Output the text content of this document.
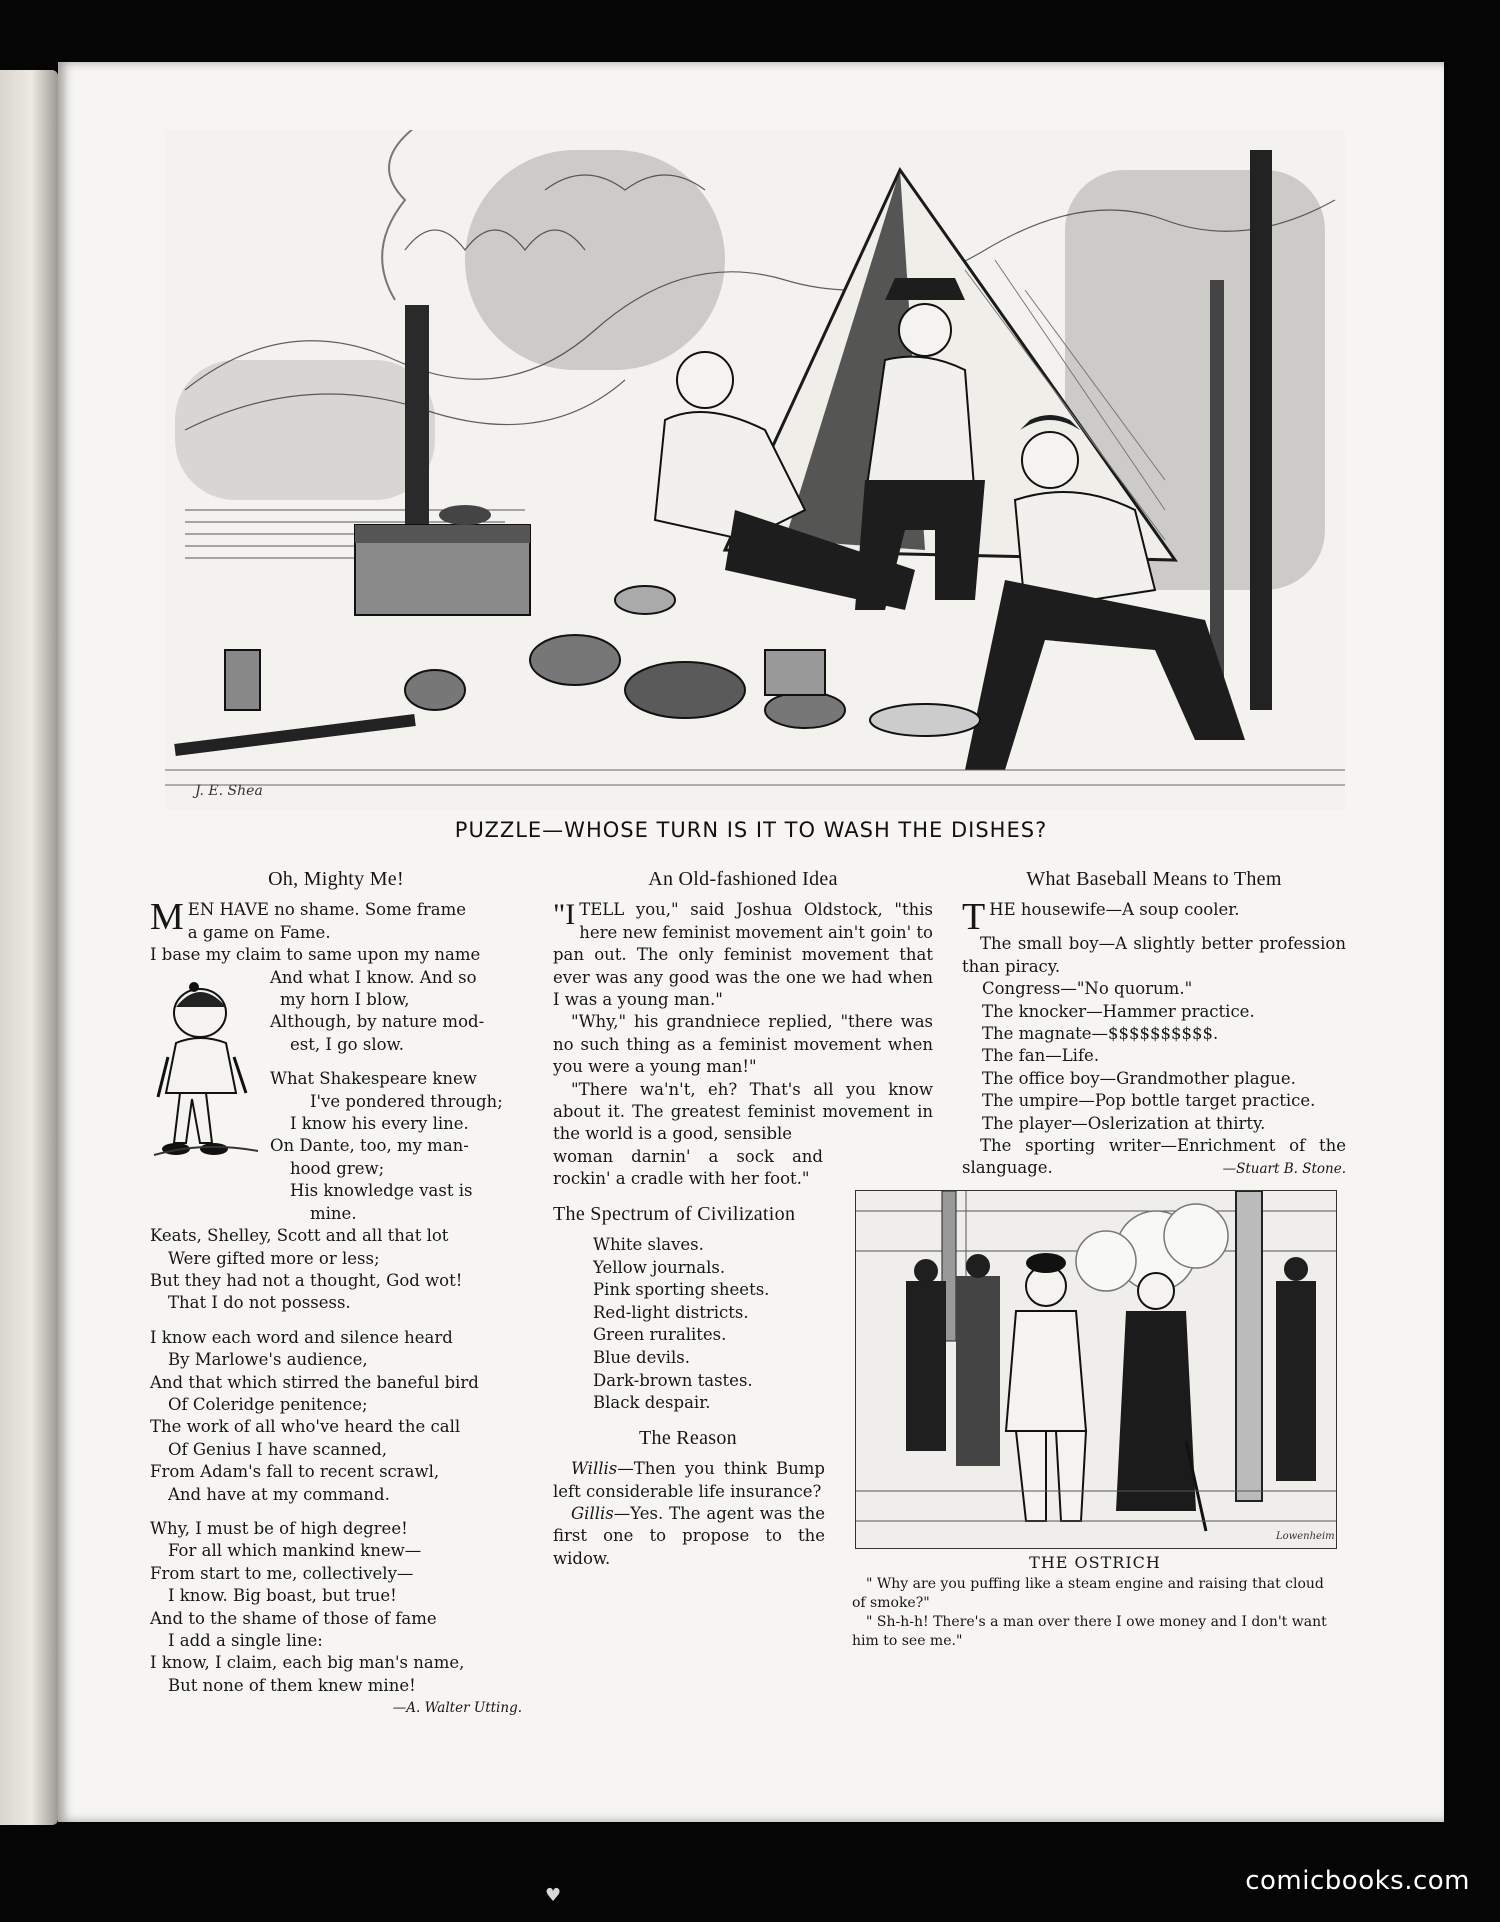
J. E. Shea
PUZZLE—WHOSE TURN IS IT TO WASH THE DISHES?
Oh, Mighty Me!

MEN HAVE no shame. Some frame

a game on Fame.

I base my claim to same upon my name

And what I know. And so

my horn I blow,

Although, by nature mod-

est, I go slow.

What Shakespeare knew

I've pondered through;

I know his every line.

On Dante, too, my man-

hood grew;

His knowledge vast is

mine.

Keats, Shelley, Scott and all that lot

Were gifted more or less;

But they had not a thought, God wot!

That I do not possess.

I know each word and silence heard

By Marlowe's audience,

And that which stirred the baneful bird

Of Coleridge penitence;

The work of all who've heard the call

Of Genius I have scanned,

From Adam's fall to recent scrawl,

And have at my command.

Why, I must be of high degree!

For all which mankind knew—

From start to me, collectively—

I know. Big boast, but true!

And to the shame of those of fame

I add a single line:

I know, I claim, each big man's name,

But none of them knew mine!

—A. Walter Utting.

An Old-fashioned Idea

"I TELL you," said Joshua Oldstock, "this here new feminist movement ain't goin' to pan out. The only feminist movement that ever was any good was the one we had when I was a young man."

"Why," his grandniece replied, "there was no such thing as a feminist movement when you were a young man!"

"There wa'n't, eh? That's all you know about it. The greatest feminist movement in the world is a good, sensible

woman darnin' a sock and rockin' a cradle with her foot."

The Spectrum of Civilization

White slaves.

Yellow journals.

Pink sporting sheets.

Red-light districts.

Green ruralites.

Blue devils.

Dark-brown tastes.

Black despair.

The Reason

Willis—Then you think Bump left considerable life insurance?

Gillis—Yes. The agent was the first one to propose to the widow.

What Baseball Means to Them

THE housewife—A soup cooler.

The small boy—A slightly better profession than piracy.

Congress—"No quorum."

The knocker—Hammer practice.

The magnate—$$$$$$$$$$.

The fan—Life.

The office boy—Grandmother plague.

The umpire—Pop bottle target practice.

The player—Oslerization at thirty.

The sporting writer—Enrichment of the slanguage.	—Stuart B. Stone.

Lowenheim
THE OSTRICH

" Why are you puffing like a steam engine and raising that cloud of smoke?"

" Sh-h-h! There's a man over there I owe money and I don't want him to see me."

♥	comicbooks.com
